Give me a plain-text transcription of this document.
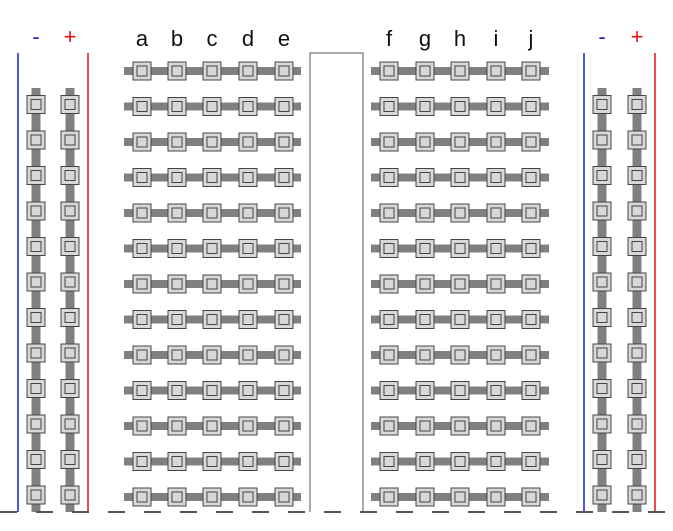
- +	- +
a b c d e	f g h i j
